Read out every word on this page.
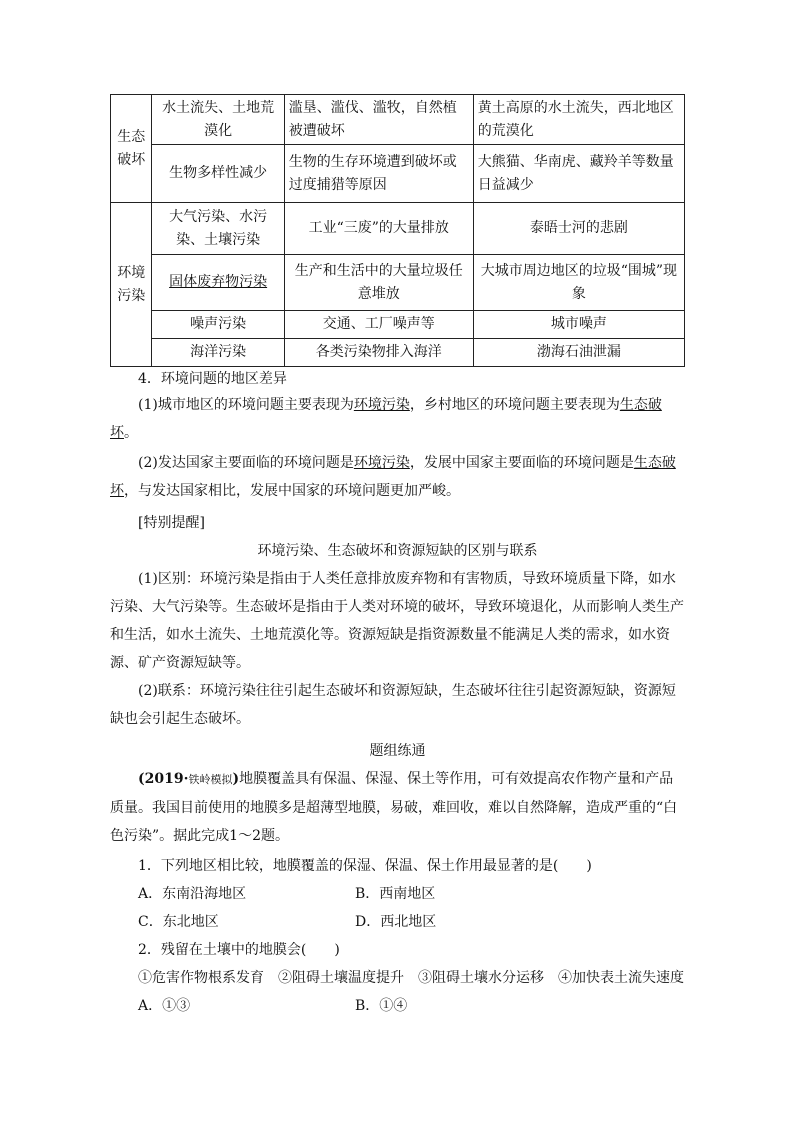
生态破坏	水土流失、土地荒漠化	滥垦、滥伐、滥牧，自然植被遭破坏	黄土高原的水土流失，西北地区的荒漠化
	生物多样性减少	生物的生存环境遭到破坏或过度捕猎等原因	大熊猫、华南虎、藏羚羊等数量日益减少
环境污染	大气污染、水污染、土壤污染	工业“三废”的大量排放	泰晤士河的悲剧
	固体废弃物污染	生产和生活中的大量垃圾任意堆放	大城市周边地区的垃圾“围城”现象
	噪声污染	交通、工厂噪声等	城市噪声
	海洋污染	各类污染物排入海洋	渤海石油泄漏

4．环境问题的地区差异

(1)城市地区的环境问题主要表现为环境污染，乡村地区的环境问题主要表现为生态破坏。

(2)发达国家主要面临的环境问题是环境污染，发展中国家主要面临的环境问题是生态破坏，与发达国家相比，发展中国家的环境问题更加严峻。

[特别提醒]

环境污染、生态破坏和资源短缺的区别与联系

(1)区别：环境污染是指由于人类任意排放废弃物和有害物质，导致环境质量下降，如水污染、大气污染等。生态破坏是指由于人类对环境的破坏，导致环境退化，从而影响人类生产和生活，如水土流失、土地荒漠化等。资源短缺是指资源数量不能满足人类的需求，如水资源、矿产资源短缺等。

(2)联系：环境污染往往引起生态破坏和资源短缺，生态破坏往往引起资源短缺，资源短缺也会引起生态破坏。

题组练通

(2019·铁岭模拟)地膜覆盖具有保温、保湿、保土等作用，可有效提高农作物产量和产品质量。我国目前使用的地膜多是超薄型地膜，易破，难回收，难以自然降解，造成严重的“白色污染”。据此完成1～2题。

1．下列地区相比较，地膜覆盖的保湿、保温、保土作用最显著的是(　　)

A．东南沿海地区	B．西南地区
C．东北地区	D．西北地区

2．残留在土壤中的地膜会(　　)

①危害作物根系发育　②阻碍土壤温度提升　③阻碍土壤水分运移　④加快表土流失速度

A．①③	B．①④
